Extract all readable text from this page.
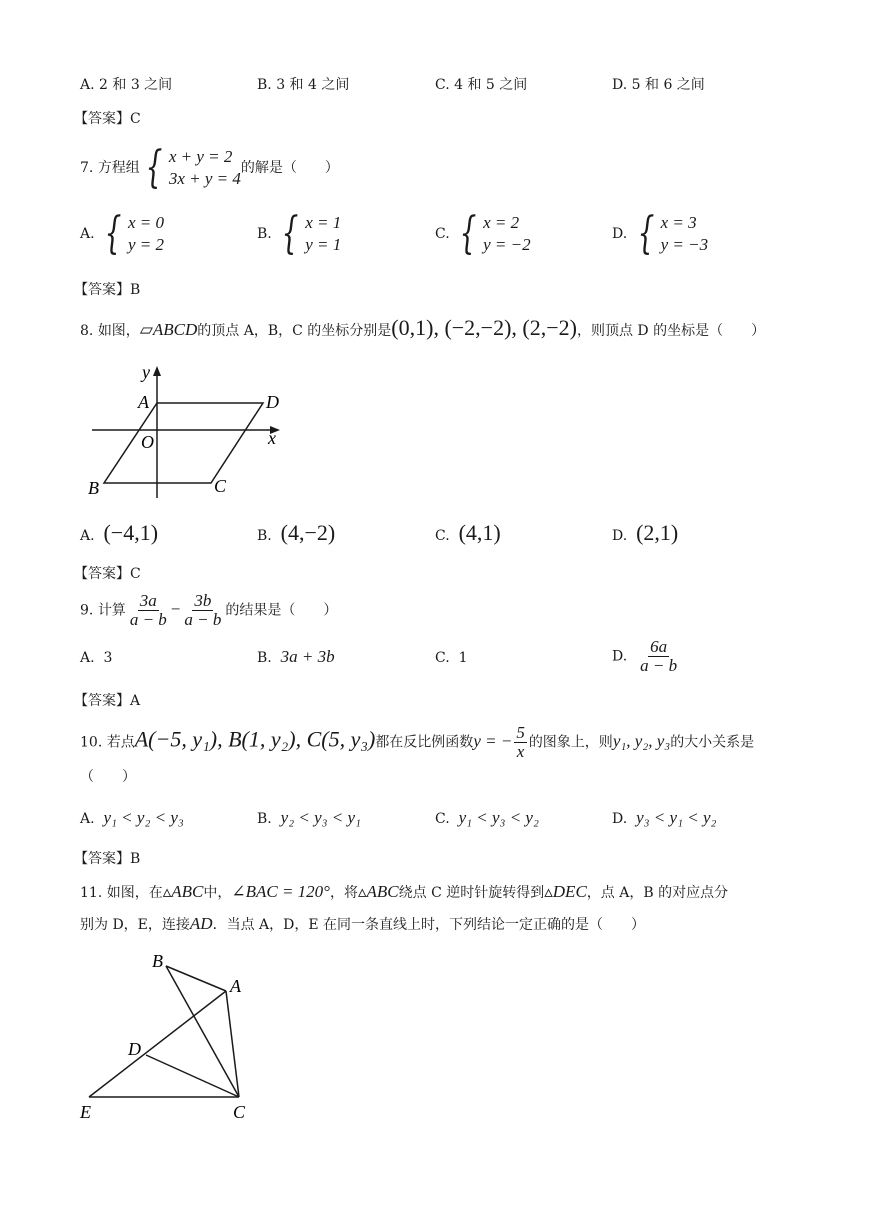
A. 2 和 3 之间	B. 3 和 4 之间	C. 4 和 5 之间	D. 5 和 6 之间
【答案】C
7. 方程组 { x + y = 2
3x + y = 4
的解是（　　）
A. { x = 0
y = 2
B. { x = 1
y = 1
C. { x = 2
y = −2
D. { x = 3
y = −3
【答案】B
8. 如图，▱ABCD的顶点 A，B，C 的坐标分别是(0,1), (−2,−2), (2,−2)，则顶点 D 的坐标是（　　）
y
x
A	D
O
B	C
A. (−4,1)	B. (4,−2)	C. (4,1)	D. (2,1)
【答案】C
9. 计算 $\frac{3a}{a - b} - \frac{3b}{a - b}$ 的结果是（　　）
A. 3	B. 3a + 3b	C. 1	D. $\frac{6a}{a - b}$
【答案】A
10. 若点A(−5, y₁), B(1, y₂), C(5, y₃)都在反比例函数y = − $\frac{5}{x}$ 的图象上，则y₁, y₂, y₃的大小关系是
（　　）
A. y₁ < y₂ < y₃	B. y₂ < y₃ < y₁	C. y₁ < y₃ < y₂	D. y₃ < y₁ < y₂
【答案】B
11. 如图，在▵ABC中，∠BAC = 120°，将▵ABC绕点 C 逆时针旋转得到▵DEC，点 A，B 的对应点分
别为 D，E，连接AD．当点 A，D，E 在同一条直线上时，下列结论一定正确的是（　　）
B
A
D
E	C
